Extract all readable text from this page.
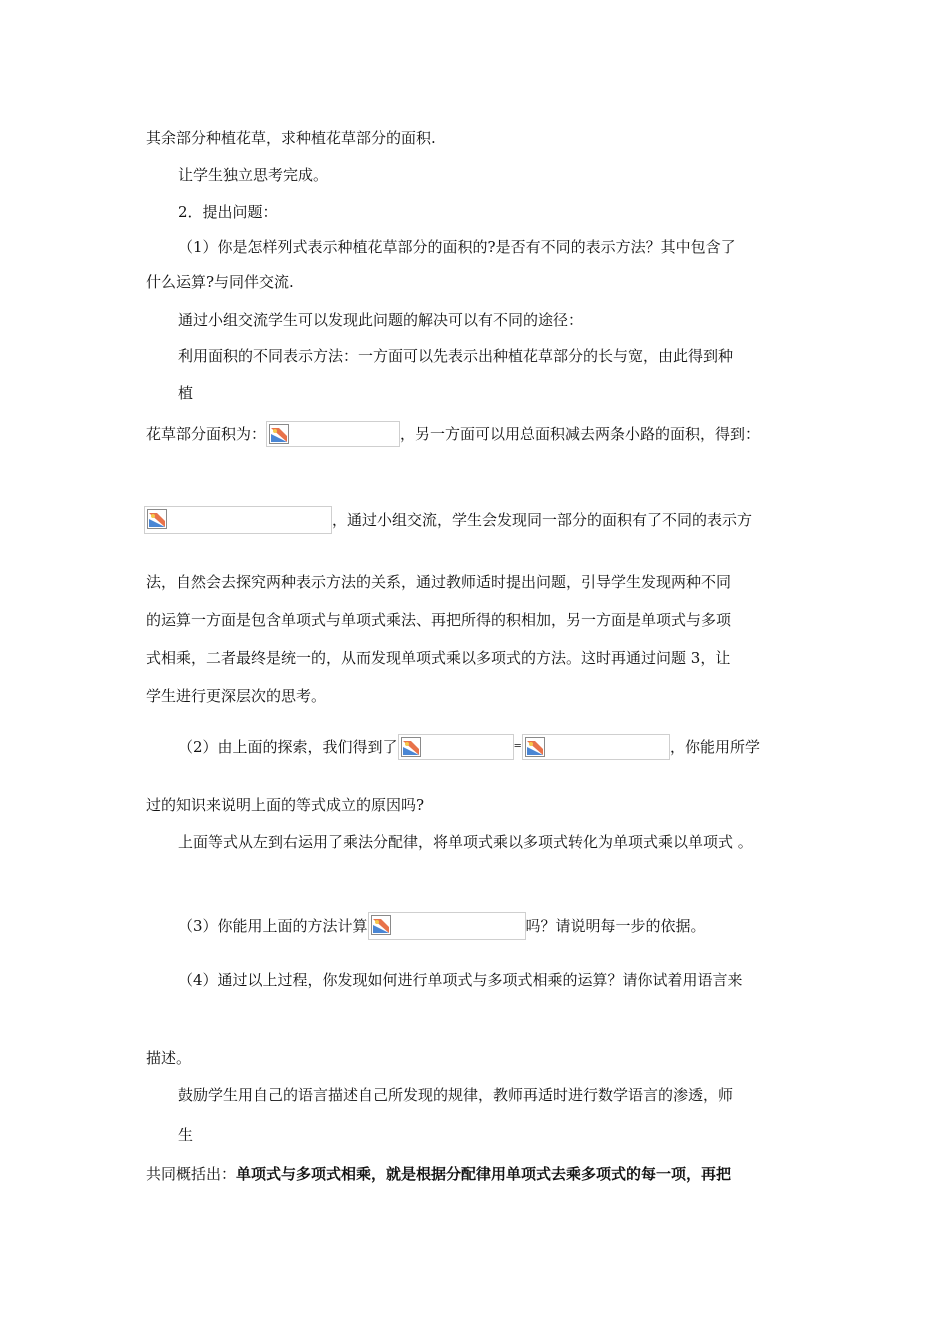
其余部分种植花草，求种植花草部分的面积.
让学生独立思考完成。
2．提出问题：
（1）你是怎样列式表示种植花草部分的面积的?是否有不同的表示方法？其中包含了
什么运算?与同伴交流.
通过小组交流学生可以发现此问题的解决可以有不同的途径：
利用面积的不同表示方法：一方面可以先表示出种植花草部分的长与宽，由此得到种
植
花草部分面积为：	，另一方面可以用总面积减去两条小路的面积，得到：
，通过小组交流，学生会发现同一部分的面积有了不同的表示方
法，自然会去探究两种表示方法的关系，通过教师适时提出问题，引导学生发现两种不同
的运算一方面是包含单项式与单项式乘法、再把所得的积相加，另一方面是单项式与多项
式相乘，二者最终是统一的，从而发现单项式乘以多项式的方法。这时再通过问题 3，让
学生进行更深层次的思考。
（2）由上面的探索，我们得到了	=	，你能用所学
过的知识来说明上面的等式成立的原因吗?
上面等式从左到右运用了乘法分配律，将单项式乘以多项式转化为单项式乘以单项式 。
（3）你能用上面的方法计算	吗？请说明每一步的依据。
（4）通过以上过程，你发现如何进行单项式与多项式相乘的运算？请你试着用语言来
描述。
鼓励学生用自己的语言描述自己所发现的规律，教师再适时进行数学语言的渗透，师
生
共同概括出：单项式与多项式相乘，就是根据分配律用单项式去乘多项式的每一项，再把
